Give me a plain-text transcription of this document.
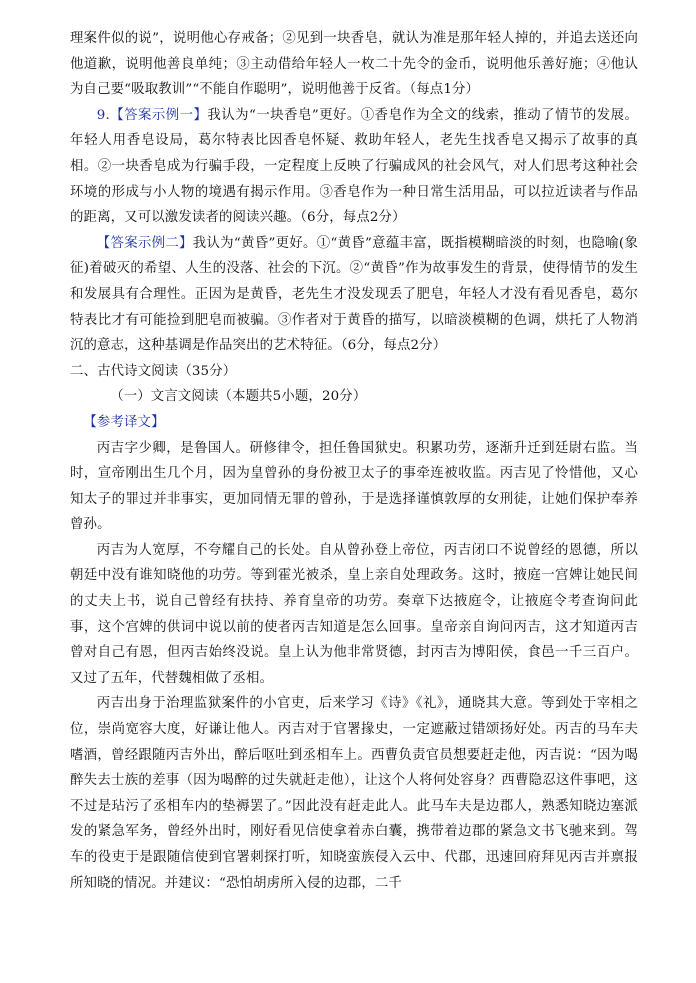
理案件似的说”，说明他心存戒备；②见到一块香皂，就认为准是那年轻人掉的，并追去送还向他道歉，说明他善良单纯；③主动借给年轻人一枚二十先令的金币，说明他乐善好施；④他认为自己要“吸取教训”“不能自作聪明”，说明他善于反省。（每点1分）

9.【答案示例一】我认为“一块香皂”更好。①香皂作为全文的线索，推动了情节的发展。年轻人用香皂设局，葛尔特表比因香皂怀疑、救助年轻人，老先生找香皂又揭示了故事的真相。②一块香皂成为行骗手段，一定程度上反映了行骗成风的社会风气，对人们思考这种社会环境的形成与小人物的境遇有揭示作用。③香皂作为一种日常生活用品，可以拉近读者与作品的距离，又可以激发读者的阅读兴趣。（6分，每点2分）

【答案示例二】我认为“黄昏”更好。①“黄昏”意蕴丰富，既指模糊暗淡的时刻，也隐喻(象征)着破灭的希望、人生的没落、社会的下沉。②“黄昏”作为故事发生的背景，使得情节的发生和发展具有合理性。正因为是黄昏，老先生才没发现丢了肥皂，年轻人才没有看见香皂，葛尔特表比才有可能捡到肥皂而被骗。③作者对于黄昏的描写，以暗淡模糊的色调，烘托了人物消沉的意志，这种基调是作品突出的艺术特征。（6分，每点2分）

二、古代诗文阅读（35分）

（一）文言文阅读（本题共5小题，20分）

【参考译文】

丙吉字少卿，是鲁国人。研修律令，担任鲁国狱史。积累功劳，逐渐升迁到廷尉右监。当时，宣帝刚出生几个月，因为皇曾孙的身份被卫太子的事牵连被收监。丙吉见了怜惜他，又心知太子的罪过并非事实，更加同情无罪的曾孙，于是选择谨慎敦厚的女刑徒，让她们保护奉养曾孙。

丙吉为人宽厚，不夸耀自己的长处。自从曾孙登上帝位，丙吉闭口不说曾经的恩德，所以朝廷中没有谁知晓他的功劳。等到霍光被杀，皇上亲自处理政务。这时，掖庭一宫婢让她民间的丈夫上书，说自己曾经有扶持、养育皇帝的功劳。奏章下达掖庭令，让掖庭令考查询问此事，这个宫婢的供词中说以前的使者丙吉知道是怎么回事。皇帝亲自询问丙吉，这才知道丙吉曾对自己有恩，但丙吉始终没说。皇上认为他非常贤德，封丙吉为博阳侯，食邑一千三百户。又过了五年，代替魏相做了丞相。

丙吉出身于治理监狱案件的小官吏，后来学习《诗》《礼》，通晓其大意。等到处于宰相之位，崇尚宽容大度，好谦让他人。丙吉对于官署掾史，一定遮蔽过错颂扬好处。丙吉的马车夫嗜酒，曾经跟随丙吉外出，醉后呕吐到丞相车上。西曹负责官员想要赶走他，丙吉说：“因为喝醉失去士族的差事（因为喝醉的过失就赶走他），让这个人将何处容身？西曹隐忍这件事吧，这不过是玷污了丞相车内的垫褥罢了。”因此没有赶走此人。此马车夫是边郡人，熟悉知晓边塞派发的紧急军务，曾经外出时，刚好看见信使拿着赤白囊，携带着边郡的紧急文书飞驰来到。驾车的役吏于是跟随信使到官署刺探打听，知晓蛮族侵入云中、代郡，迅速回府拜见丙吉并禀报所知晓的情况。并建议：“恐怕胡虏所入侵的边郡，二千
